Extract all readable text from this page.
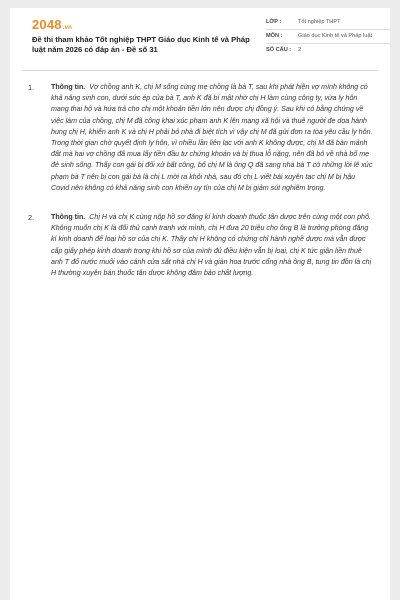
2048.vn
Đề thi tham khảo Tốt nghiệp THPT Giáo dục Kinh tế và Pháp luật năm 2026 có đáp án - Đề số 31
LỚP :	Tốt nghiệp THPT
MÔN :	Giáo dục Kinh tế và Pháp luật
SỐ CÂU :	2
1.	Thông tin. Vợ chồng anh K, chị M sống cùng mẹ chồng là bà T, sau khi phát hiện vợ mình không có khả năng sinh con, dưới sức ép của bà T, anh K đã bí mật nhờ chị H làm cùng công ty, vừa ly hôn mang thai hộ và hứa trả cho chị một khoản tiền lớn nên được chị đồng ý. Sau khi có bằng chứng về việc làm của chồng, chị M đã công khai xúc phạm anh K lên mạng xã hội và thuê người đe dọa hành hung chị H, khiến anh K và chị H phải bỏ nhà đi biệt tích vì vậy chị M đã gửi đơn ra tòa yêu cầu ly hôn. Trong thời gian chờ quyết định ly hôn, vì nhiều lần liên lạc với anh K không được, chị M đã bàn mảnh đất mà hai vợ chồng đã mua lấy tiền đầu tư chứng khoán và bị thua lỗ nặng, nên đã bỏ về nhà bố mẹ đẻ sinh sống. Thấy con gái bị đối xử bất công, bố chị M là ông Q đã sang nhà bà T có những lời lẽ xúc phạm bà T nên bị con gái bà là chị L mời ra khỏi nhà, sau đó chị L viết bài xuyên tạc chị M bị hậu Covid nên không có khả năng sinh con khiến uy tín của chị M bị giảm sút nghiêm trọng.
2.	Thông tin. Chị H và chị K cùng nộp hồ sơ đăng kí kinh doanh thuốc tân dược trên cùng một con phố. Không muốn chị K là đối thủ cạnh tranh với mình, chị H đưa 20 triệu cho ông B là trưởng phòng đăng kí kinh doanh để loại hồ sơ của chị K. Thấy chị H không có chứng chỉ hành nghề dược mà vẫn được cấp giấy phép kinh doanh trong khi hồ sơ của mình đủ điều kiện vẫn bị loại, chị K tức giận liền thuê anh T đổ nước muối vào cánh cửa sắt nhà chị H và giàn hoa trước cổng nhà ông B, tung tin đồn là chị H thường xuyên bán thuốc tân dược không đảm bảo chất lượng.
